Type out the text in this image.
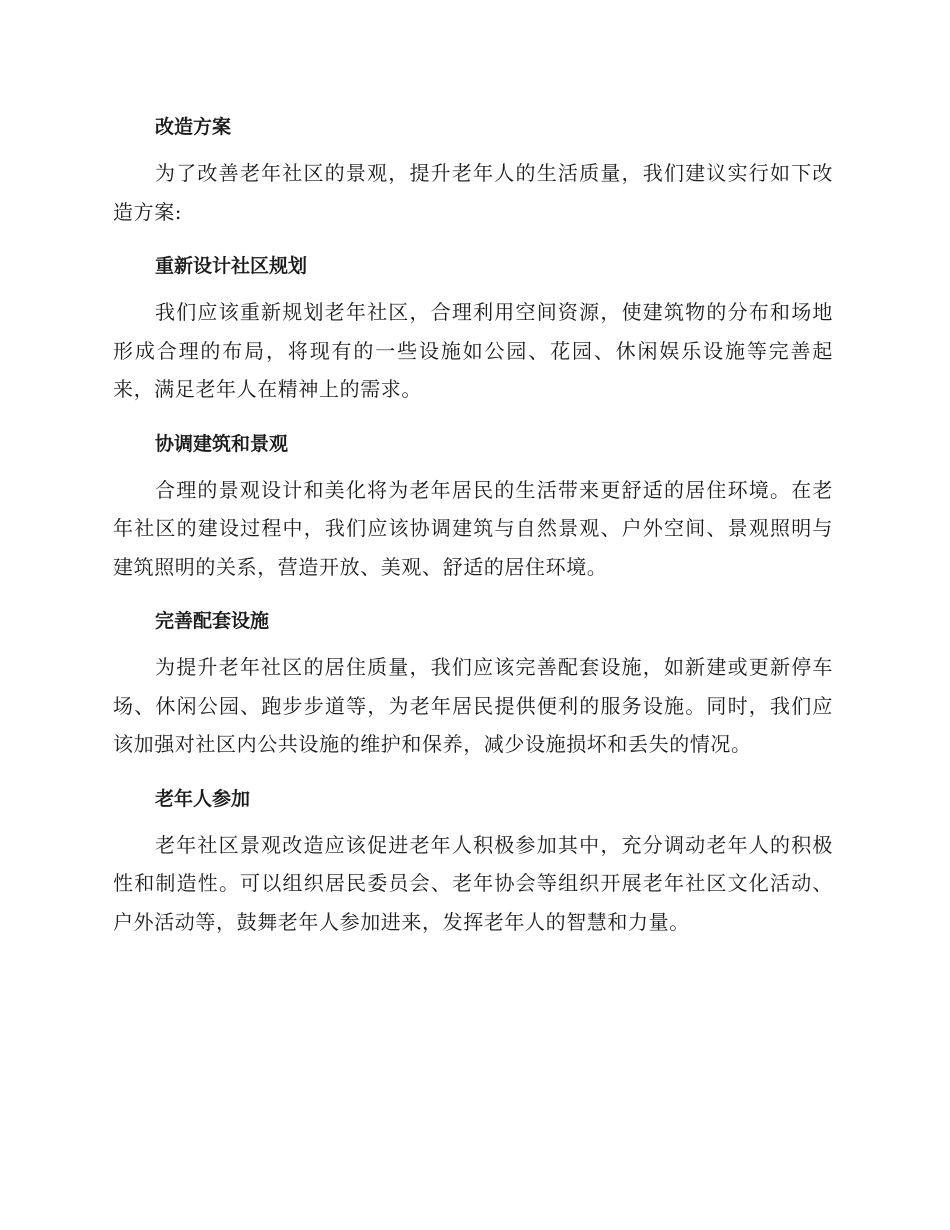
改造方案

为了改善老年社区的景观，提升老年人的生活质量，我们建议实行如下改造方案:

重新设计社区规划

我们应该重新规划老年社区，合理利用空间资源，使建筑物的分布和场地形成合理的布局，将现有的一些设施如公园、花园、休闲娱乐设施等完善起来，满足老年人在精神上的需求。

协调建筑和景观

合理的景观设计和美化将为老年居民的生活带来更舒适的居住环境。在老年社区的建设过程中，我们应该协调建筑与自然景观、户外空间、景观照明与建筑照明的关系，营造开放、美观、舒适的居住环境。

完善配套设施

为提升老年社区的居住质量，我们应该完善配套设施，如新建或更新停车场、休闲公园、跑步步道等，为老年居民提供便利的服务设施。同时，我们应该加强对社区内公共设施的维护和保养，减少设施损坏和丢失的情况。

老年人参加

老年社区景观改造应该促进老年人积极参加其中，充分调动老年人的积极性和制造性。可以组织居民委员会、老年协会等组织开展老年社区文化活动、户外活动等，鼓舞老年人参加进来，发挥老年人的智慧和力量。
